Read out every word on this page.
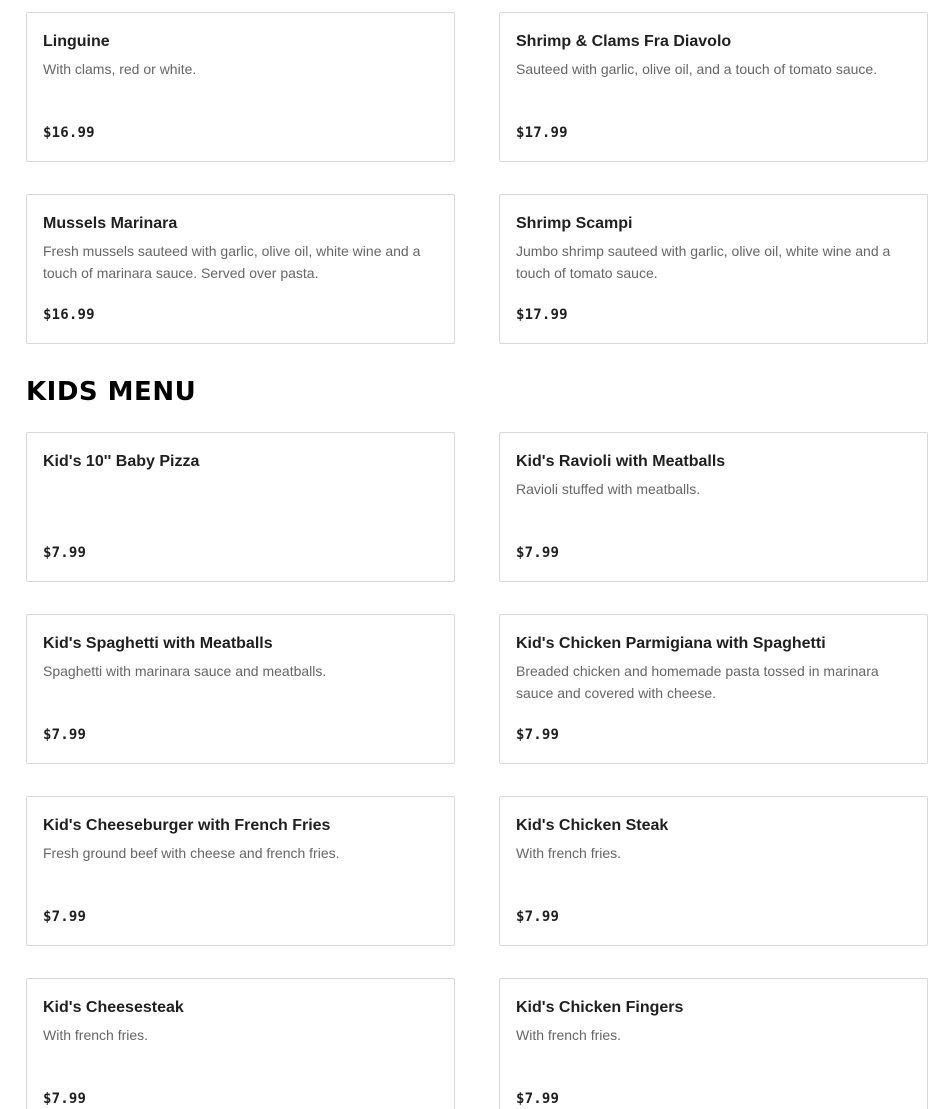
Linguine
With clams, red or white.
$16.99
Shrimp & Clams Fra Diavolo
Sauteed with garlic, olive oil, and a touch of tomato sauce.
$17.99
Mussels Marinara
Fresh mussels sauteed with garlic, olive oil, white wine and a touch of marinara sauce. Served over pasta.
$16.99
Shrimp Scampi
Jumbo shrimp sauteed with garlic, olive oil, white wine and a touch of tomato sauce.
$17.99
KIDS MENU
Kid's 10'' Baby Pizza
$7.99
Kid's Ravioli with Meatballs
Ravioli stuffed with meatballs.
$7.99
Kid's Spaghetti with Meatballs
Spaghetti with marinara sauce and meatballs.
$7.99
Kid's Chicken Parmigiana with Spaghetti
Breaded chicken and homemade pasta tossed in marinara sauce and covered with cheese.
$7.99
Kid's Cheeseburger with French Fries
Fresh ground beef with cheese and french fries.
$7.99
Kid's Chicken Steak
With french fries.
$7.99
Kid's Cheesesteak
With french fries.
$7.99
Kid's Chicken Fingers
With french fries.
$7.99
